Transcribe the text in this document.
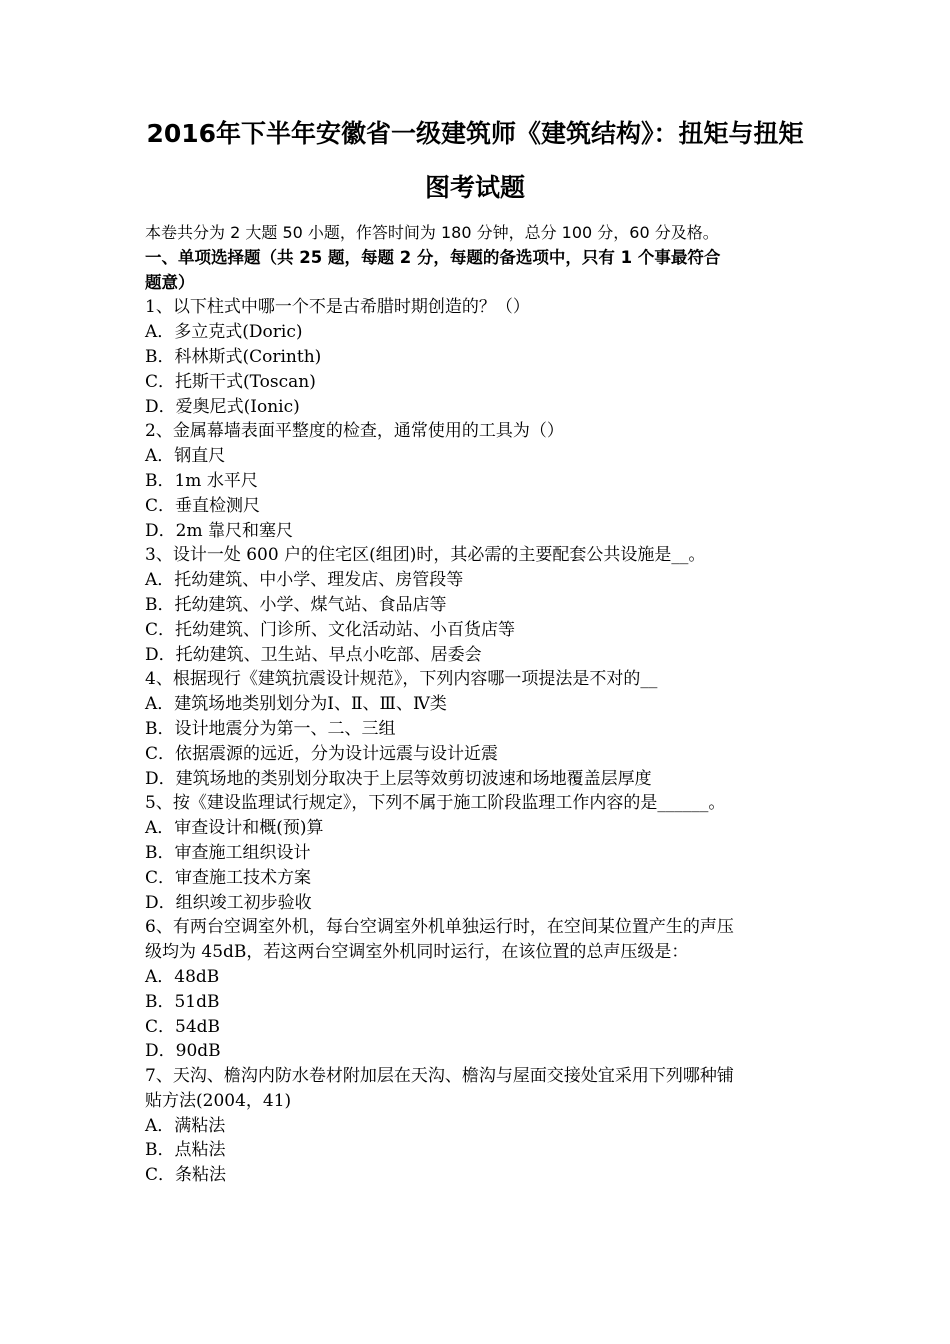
2016年下半年安徽省一级建筑师《建筑结构》：扭矩与扭矩
图考试题
本卷共分为 2 大题 50 小题，作答时间为 180 分钟，总分 100 分，60 分及格。
一、单项选择题（共 25 题，每题 2 分，每题的备选项中，只有 1 个事最符合
题意）
1、以下柱式中哪一个不是古希腊时期创造的？（）
A．多立克式(Doric)
B．科林斯式(Corinth)
C．托斯干式(Toscan)
D．爱奥尼式(Ionic)
2、金属幕墙表面平整度的检查，通常使用的工具为（）
A．钢直尺
B．1m 水平尺
C．垂直检测尺
D．2m 靠尺和塞尺
3、设计一处 600 户的住宅区(组团)时，其必需的主要配套公共设施是__。
A．托幼建筑、中小学、理发店、房管段等
B．托幼建筑、小学、煤气站、食品店等
C．托幼建筑、门诊所、文化活动站、小百货店等
D．托幼建筑、卫生站、早点小吃部、居委会
4、根据现行《建筑抗震设计规范》，下列内容哪一项提法是不对的__
A．建筑场地类别划分为Ⅰ、Ⅱ、Ⅲ、Ⅳ类
B．设计地震分为第一、二、三组
C．依据震源的远近，分为设计远震与设计近震
D．建筑场地的类别划分取决于上层等效剪切波速和场地覆盖层厚度
5、按《建设监理试行规定》，下列不属于施工阶段监理工作内容的是______。
A．审查设计和概(预)算
B．审查施工组织设计
C．审查施工技术方案
D．组织竣工初步验收
6、有两台空调室外机，每台空调室外机单独运行时，在空间某位置产生的声压
级均为 45dB，若这两台空调室外机同时运行，在该位置的总声压级是：
A．48dB
B．51dB
C．54dB
D．90dB
7、天沟、檐沟内防水卷材附加层在天沟、檐沟与屋面交接处宜采用下列哪种铺
贴方法(2004，41)
A．满粘法
B．点粘法
C．条粘法
